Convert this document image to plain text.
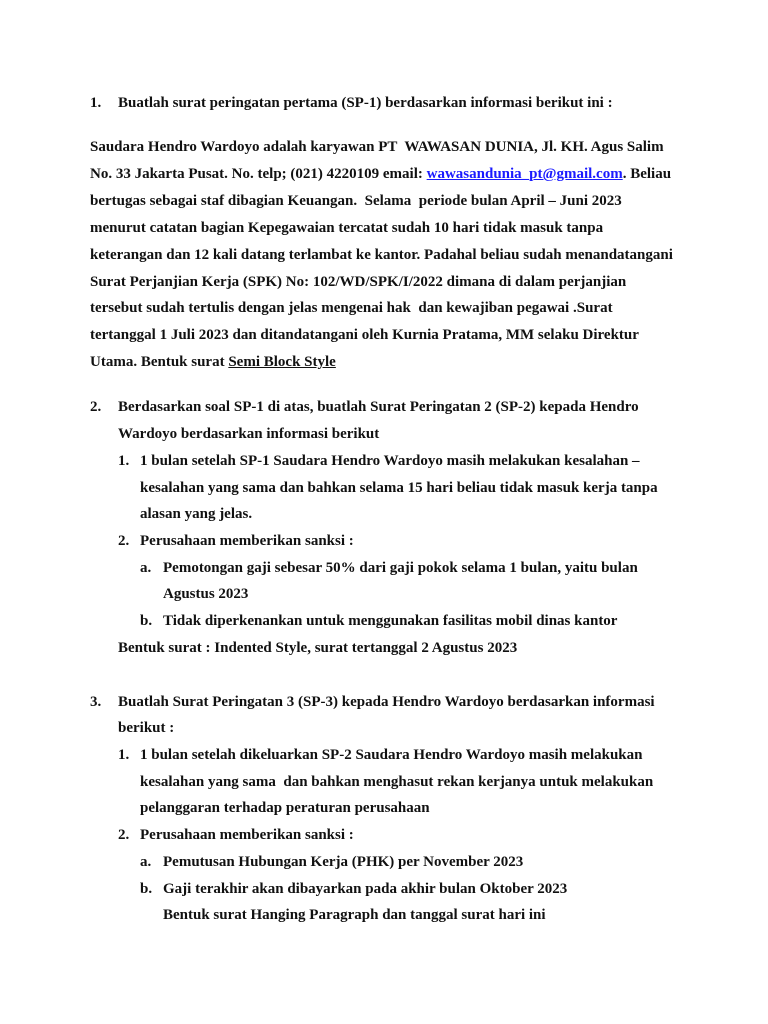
1. Buatlah surat peringatan pertama (SP-1) berdasarkan informasi berikut ini :
Saudara Hendro Wardoyo adalah karyawan PT  WAWASAN DUNIA, Jl. KH. Agus Salim
No. 33 Jakarta Pusat. No. telp; (021) 4220109 email: wawasandunia_pt@gmail.com. Beliau
bertugas sebagai staf dibagian Keuangan.  Selama  periode bulan April – Juni 2023
menurut catatan bagian Kepegawaian tercatat sudah 10 hari tidak masuk tanpa
keterangan dan 12 kali datang terlambat ke kantor. Padahal beliau sudah menandatangani
Surat Perjanjian Kerja (SPK) No: 102/WD/SPK/I/2022 dimana di dalam perjanjian
tersebut sudah tertulis dengan jelas mengenai hak  dan kewajiban pegawai .Surat
tertanggal 1 Juli 2023 dan ditandatangani oleh Kurnia Pratama, MM selaku Direktur
Utama. Bentuk surat Semi Block Style
2. Berdasarkan soal SP-1 di atas, buatlah Surat Peringatan 2 (SP-2) kepada Hendro
Wardoyo berdasarkan informasi berikut
1. 1 bulan setelah SP-1 Saudara Hendro Wardoyo masih melakukan kesalahan –
kesalahan yang sama dan bahkan selama 15 hari beliau tidak masuk kerja tanpa
alasan yang jelas.
2. Perusahaan memberikan sanksi :
a. Pemotongan gaji sebesar 50% dari gaji pokok selama 1 bulan, yaitu bulan
Agustus 2023
b. Tidak diperkenankan untuk menggunakan fasilitas mobil dinas kantor
Bentuk surat : Indented Style, surat tertanggal 2 Agustus 2023
3. Buatlah Surat Peringatan 3 (SP-3) kepada Hendro Wardoyo berdasarkan informasi
berikut :
1. 1 bulan setelah dikeluarkan SP-2 Saudara Hendro Wardoyo masih melakukan
kesalahan yang sama  dan bahkan menghasut rekan kerjanya untuk melakukan
pelanggaran terhadap peraturan perusahaan
2. Perusahaan memberikan sanksi :
a. Pemutusan Hubungan Kerja (PHK) per November 2023
b. Gaji terakhir akan dibayarkan pada akhir bulan Oktober 2023
Bentuk surat Hanging Paragraph dan tanggal surat hari ini
